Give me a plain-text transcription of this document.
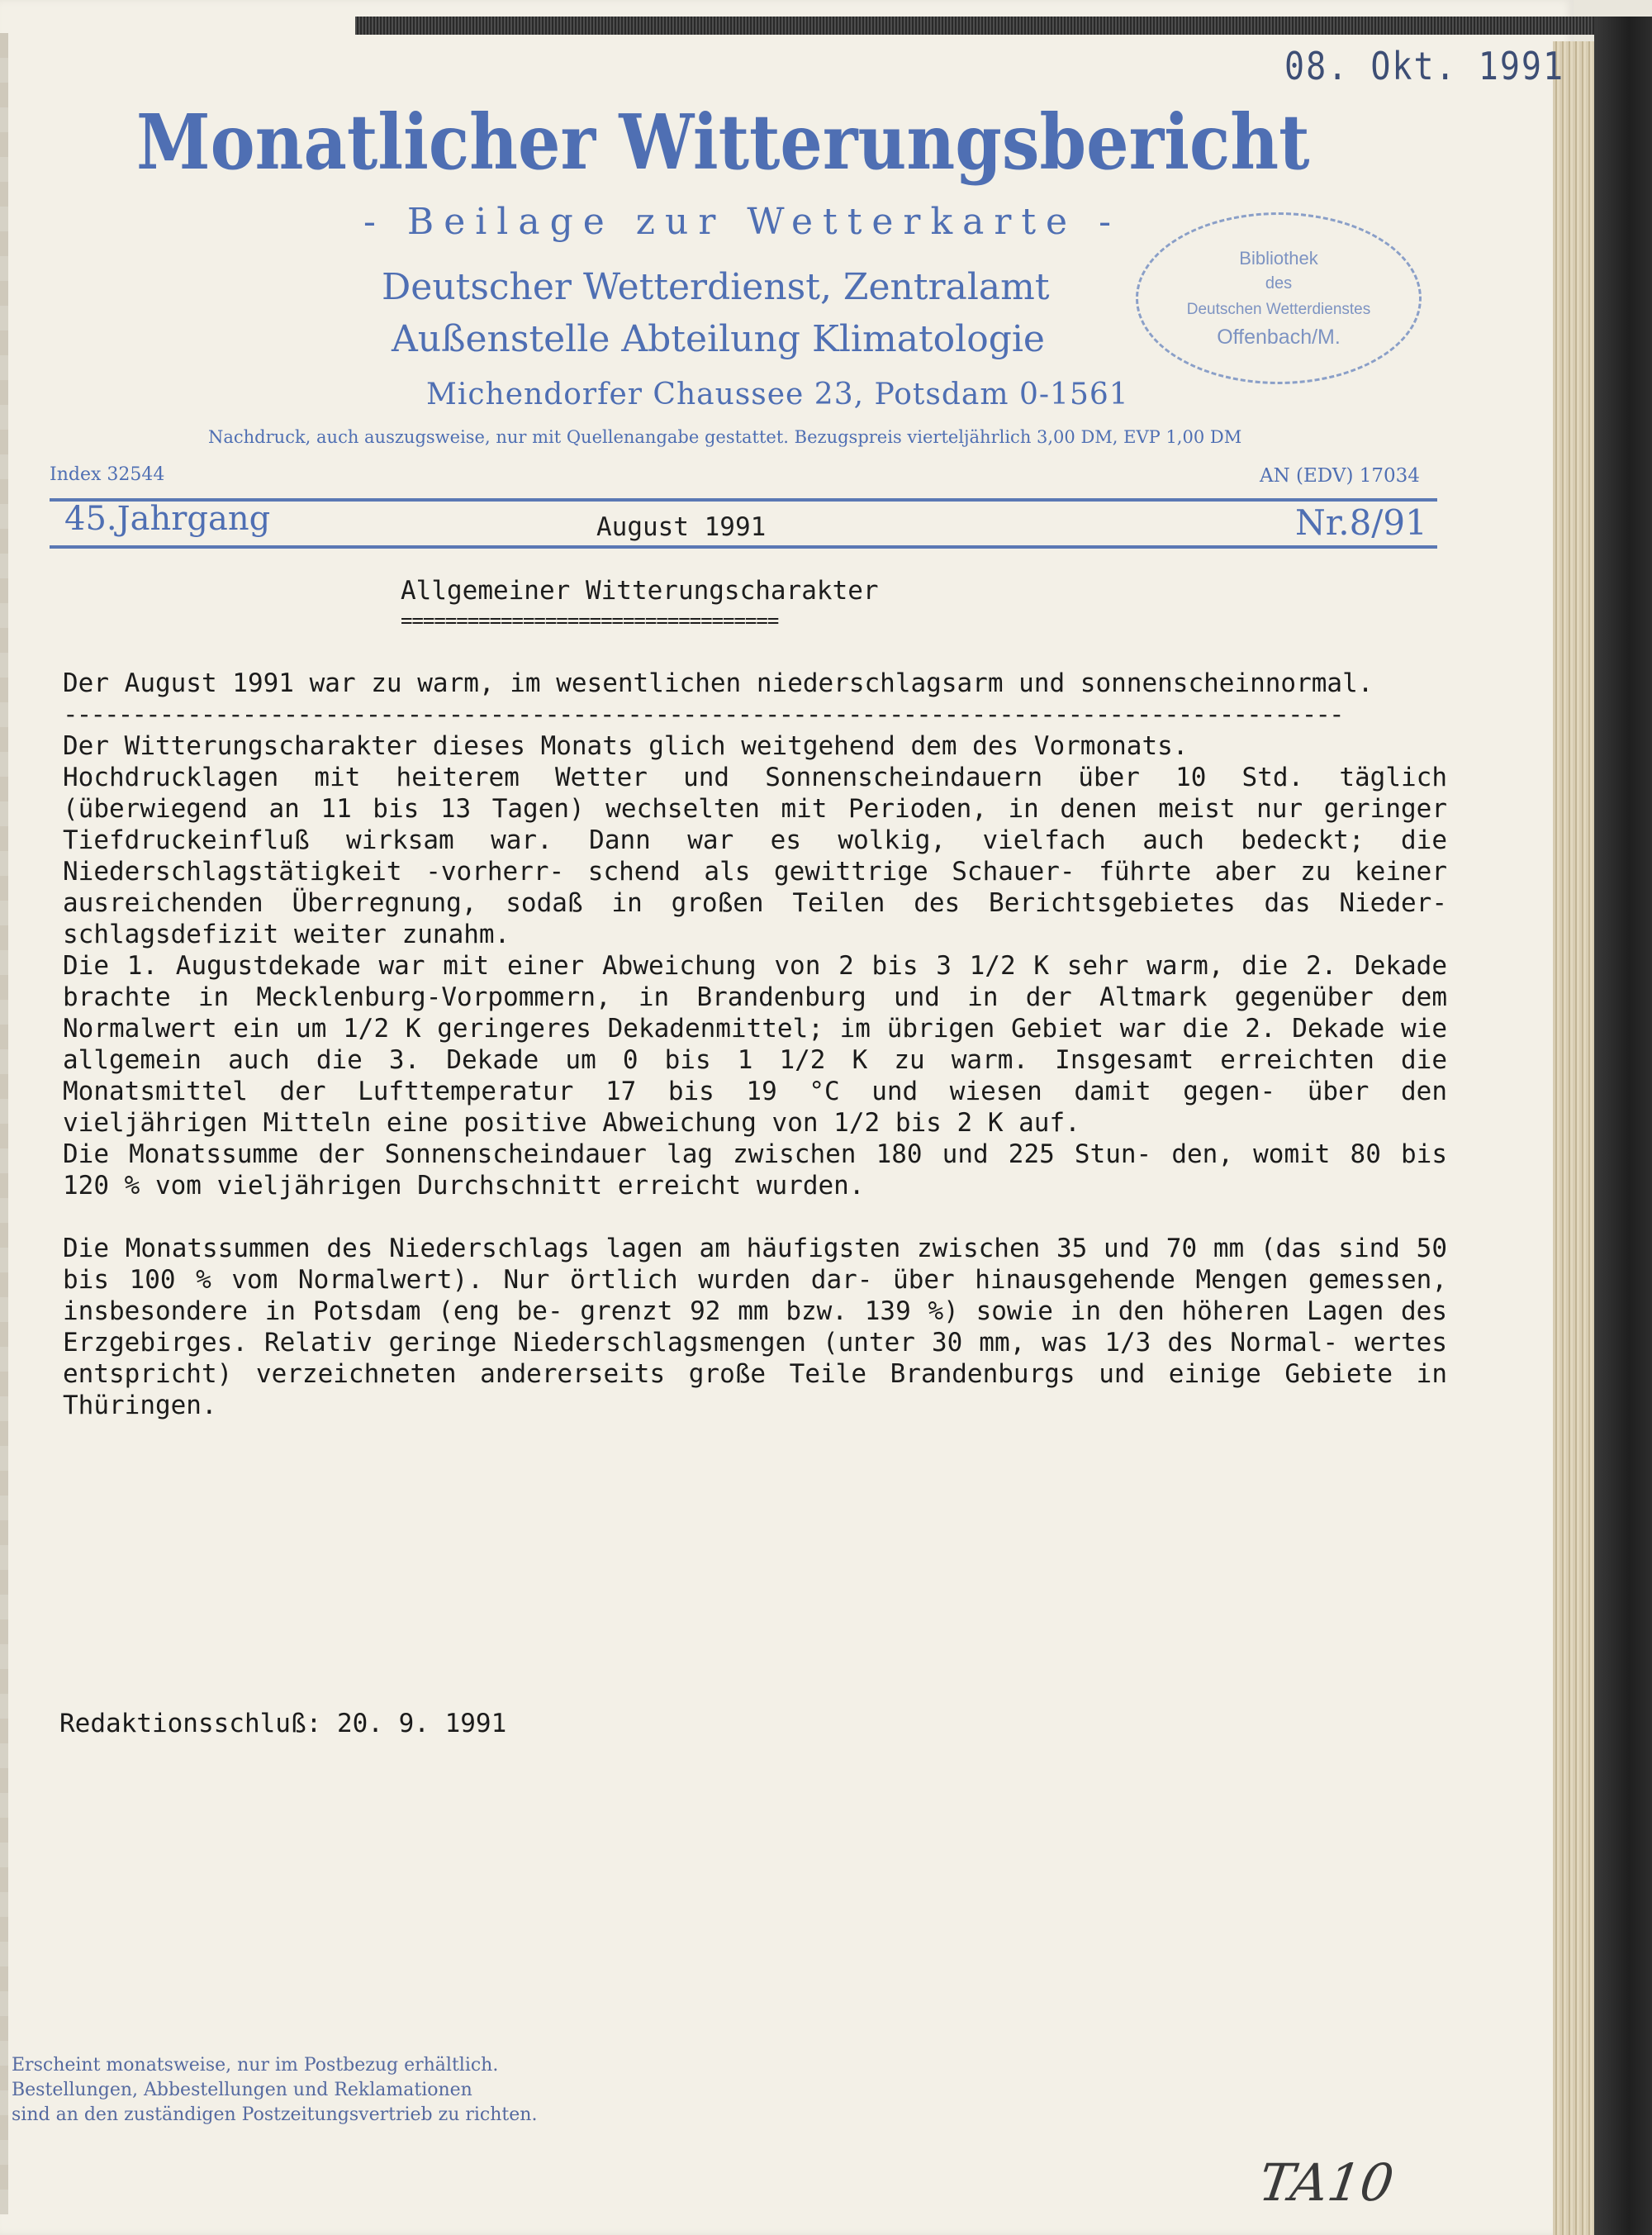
08. Okt. 1991
Monatlicher Witterungsbericht
- Beilage zur Wetterkarte -
Deutscher Wetterdienst, Zentralamt
Außenstelle Abteilung Klimatologie
Michendorfer Chaussee 23, Potsdam 0-1561
Nachdruck, auch auszugsweise, nur mit Quellenangabe gestattet. Bezugspreis vierteljährlich 3,00 DM, EVP 1,00 DM
Index 32544	AN (EDV) 17034
Bibliothek
des
Deutschen Wetterdienstes
Offenbach/M.
45.Jahrgang	August 1991	Nr.8/91
Allgemeiner Witterungscharakter
==================================

Der August 1991 war zu warm, im wesentlichen niederschlagsarm und sonnenscheinnormal.

---------------------------------------------------------------------------------------------

Der Witterungscharakter dieses Monats glich weitgehend dem des Vormonats.

Hochdrucklagen mit heiterem Wetter und Sonnenscheindauern über 10 Std. täglich (überwiegend an 11 bis 13 Tagen) wechselten mit Perioden, in denen meist nur geringer Tiefdruckeinfluß wirksam war. Dann war es wolkig, vielfach auch bedeckt; die Niederschlagstätigkeit -vorherr- schend als gewittrige Schauer- führte aber zu keiner ausreichenden Überregnung, sodaß in großen Teilen des Berichtsgebietes das Nieder- schlagsdefizit weiter zunahm.

Die 1. Augustdekade war mit einer Abweichung von 2 bis 3 1/2 K sehr warm, die 2. Dekade brachte in Mecklenburg-Vorpommern, in Brandenburg und in der Altmark gegenüber dem Normalwert ein um 1/2 K geringeres Dekadenmittel; im übrigen Gebiet war die 2. Dekade wie allgemein auch die 3. Dekade um 0 bis 1 1/2 K zu warm. Insgesamt erreichten die Monatsmittel der Lufttemperatur 17 bis 19 °C und wiesen damit gegen- über den vieljährigen Mitteln eine positive Abweichung von 1/2 bis 2 K auf.

Die Monatssumme der Sonnenscheindauer lag zwischen 180 und 225 Stun- den, womit 80 bis 120 % vom vieljährigen Durchschnitt erreicht wurden.

Die Monatssummen des Niederschlags lagen am häufigsten zwischen 35 und 70 mm (das sind 50 bis 100 % vom Normalwert). Nur örtlich wurden dar- über hinausgehende Mengen gemessen, insbesondere in Potsdam (eng be- grenzt 92 mm bzw. 139 %) sowie in den höheren Lagen des Erzgebirges. Relativ geringe Niederschlagsmengen (unter 30 mm, was 1/3 des Normal- wertes entspricht) verzeichneten andererseits große Teile Brandenburgs und einige Gebiete in Thüringen.

Redaktionsschluß: 20. 9. 1991
Erscheint monatsweise, nur im Postbezug erhältlich.
Bestellungen, Abbestellungen und Reklamationen
sind an den zuständigen Postzeitungsvertrieb zu richten.
TA10
